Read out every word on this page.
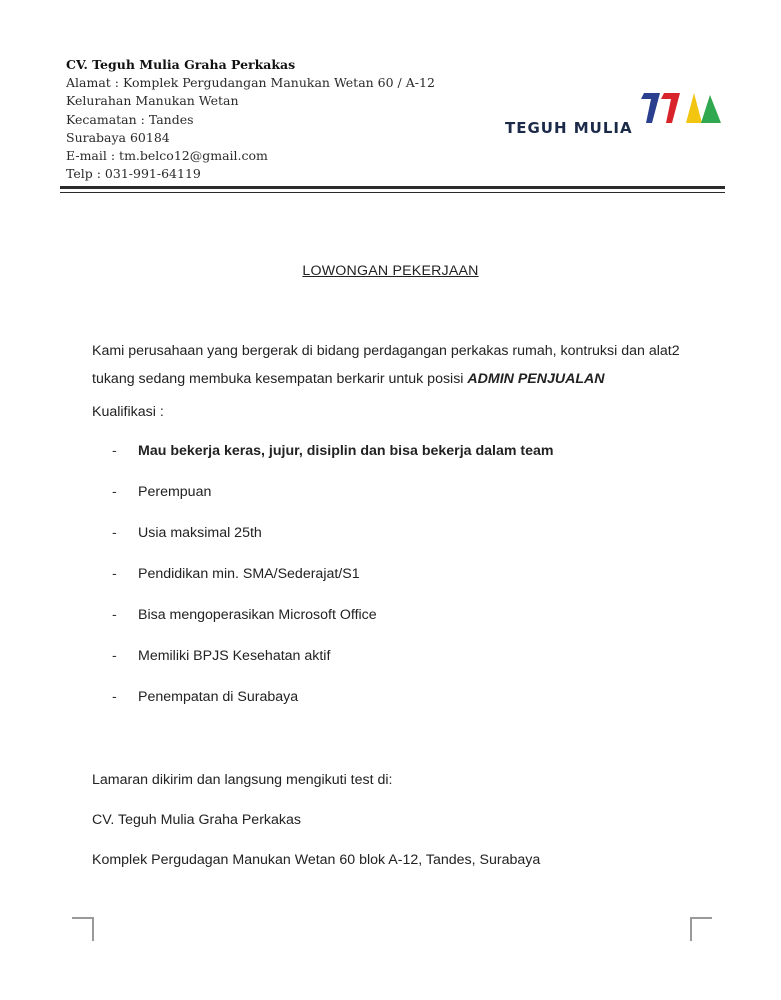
CV. Teguh Mulia Graha Perkakas
Alamat : Komplek Pergudangan Manukan Wetan 60 / A-12
Kelurahan Manukan Wetan
Kecamatan : Tandes
Surabaya 60184
E-mail : tm.belco12@gmail.com
Telp : 031-991-64119
TEGUH MULIA
LOWONGAN PEKERJAAN
Kami perusahaan yang bergerak di bidang perdagangan perkakas rumah, kontruksi dan alat2 tukang sedang membuka kesempatan berkarir untuk posisi ADMIN PENJUALAN
Kualifikasi :
- Mau bekerja keras, jujur, disiplin dan bisa bekerja dalam team
- Perempuan
- Usia maksimal 25th
- Pendidikan min. SMA/Sederajat/S1
- Bisa mengoperasikan Microsoft Office
- Memiliki BPJS Kesehatan aktif
- Penempatan di Surabaya
Lamaran dikirim dan langsung mengikuti test di:
CV. Teguh Mulia Graha Perkakas
Komplek Pergudagan Manukan Wetan 60 blok A-12, Tandes, Surabaya
